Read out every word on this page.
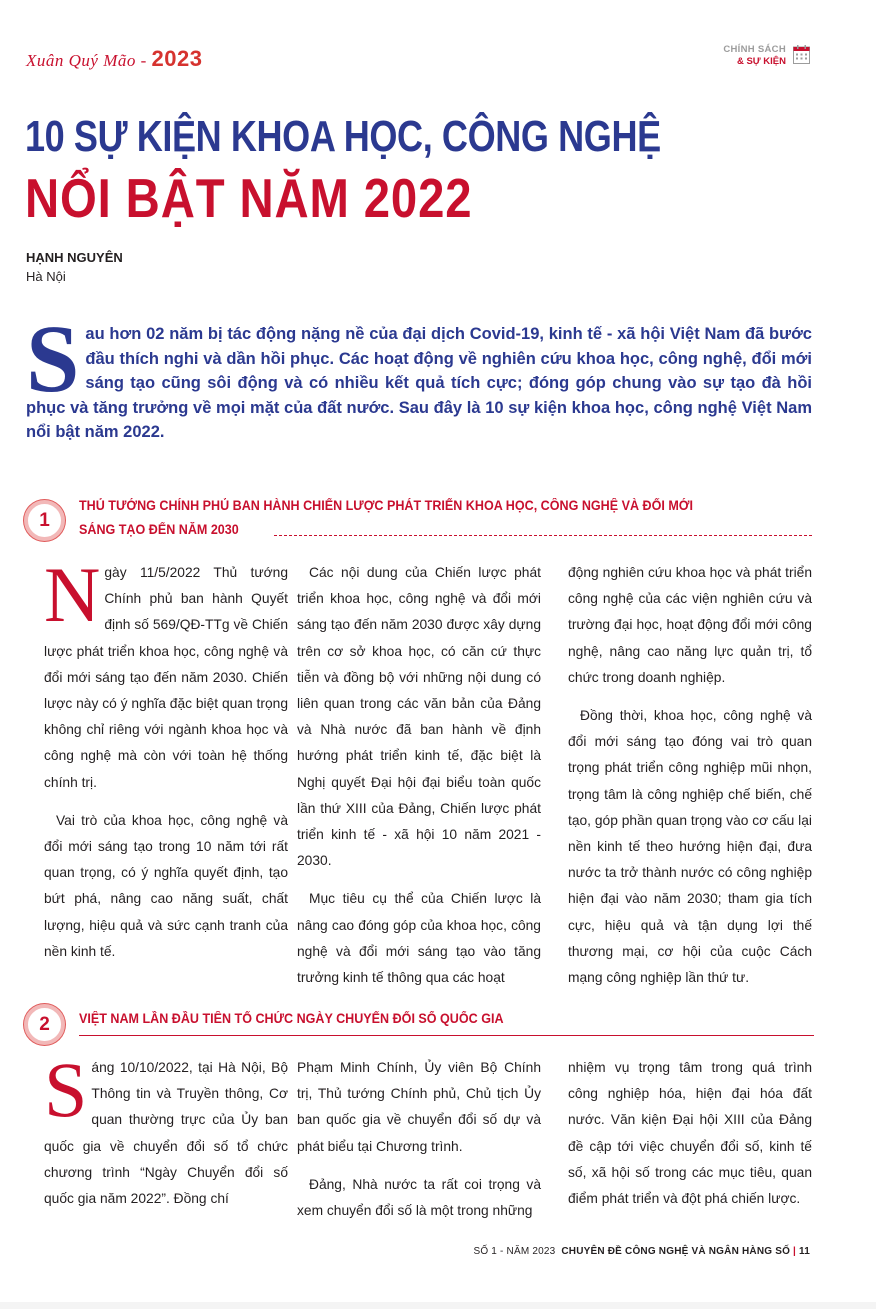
Xuân Quý Mão - 2023	CHÍNH SÁCH
& SỰ KIỆN
10 SỰ KIỆN KHOA HỌC, CÔNG NGHỆ
NỔI BẬT NĂM 2022
HẠNH NGUYÊN
Hà Nội
Sau hơn 02 năm bị tác động nặng nề của đại dịch Covid-19, kinh tế - xã hội Việt Nam đã bước đầu thích nghi và dần hồi phục. Các hoạt động về nghiên cứu khoa học, công nghệ, đổi mới sáng tạo cũng sôi động và có nhiều kết quả tích cực; đóng góp chung vào sự tạo đà hồi phục và tăng trưởng về mọi mặt của đất nước. Sau đây là 10 sự kiện khoa học, công nghệ Việt Nam nổi bật năm 2022.
1
THỦ TƯỚNG CHÍNH PHỦ BAN HÀNH CHIẾN LƯỢC PHÁT TRIỂN KHOA HỌC, CÔNG NGHỆ VÀ ĐỔI MỚI
SÁNG TẠO ĐẾN NĂM 2030

Ngày 11/5/2022 Thủ tướng Chính phủ ban hành Quyết định số 569/QĐ-TTg về Chiến lược phát triển khoa học, công nghệ và đổi mới sáng tạo đến năm 2030. Chiến lược này có ý nghĩa đặc biệt quan trọng không chỉ riêng với ngành khoa học và công nghệ mà còn với toàn hệ thống chính trị.

Vai trò của khoa học, công nghệ và đổi mới sáng tạo trong 10 năm tới rất quan trọng, có ý nghĩa quyết định, tạo bứt phá, nâng cao năng suất, chất lượng, hiệu quả và sức cạnh tranh của nền kinh tế.

Các nội dung của Chiến lược phát triển khoa học, công nghệ và đổi mới sáng tạo đến năm 2030 được xây dựng trên cơ sở khoa học, có căn cứ thực tiễn và đồng bộ với những nội dung có liên quan trong các văn bản của Đảng và Nhà nước đã ban hành về định hướng phát triển kinh tế, đặc biệt là Nghị quyết Đại hội đại biểu toàn quốc lần thứ XIII của Đảng, Chiến lược phát triển kinh tế - xã hội 10 năm 2021 - 2030.

Mục tiêu cụ thể của Chiến lược là nâng cao đóng góp của khoa học, công nghệ và đổi mới sáng tạo vào tăng trưởng kinh tế thông qua các hoạt

động nghiên cứu khoa học và phát triển công nghệ của các viện nghiên cứu và trường đại học, hoạt động đổi mới công nghệ, nâng cao năng lực quản trị, tổ chức trong doanh nghiệp.

Đồng thời, khoa học, công nghệ và đổi mới sáng tạo đóng vai trò quan trọng phát triển công nghiệp mũi nhọn, trọng tâm là công nghiệp chế biến, chế tạo, góp phần quan trọng vào cơ cấu lại nền kinh tế theo hướng hiện đại, đưa nước ta trở thành nước có công nghiệp hiện đại vào năm 2030; tham gia tích cực, hiệu quả và tận dụng lợi thế thương mại, cơ hội của cuộc Cách mạng công nghiệp lần thứ tư.

2	VIỆT NAM LẦN ĐẦU TIÊN TỔ CHỨC NGÀY CHUYỂN ĐỔI SỐ QUỐC GIA

Sáng 10/10/2022, tại Hà Nội, Bộ Thông tin và Truyền thông, Cơ quan thường trực của Ủy ban quốc gia về chuyển đổi số tổ chức chương trình “Ngày Chuyển đổi số quốc gia năm 2022”. Đồng chí

Phạm Minh Chính, Ủy viên Bộ Chính trị, Thủ tướng Chính phủ, Chủ tịch Ủy ban quốc gia về chuyển đổi số dự và phát biểu tại Chương trình.

Đảng, Nhà nước ta rất coi trọng và xem chuyển đổi số là một trong những

nhiệm vụ trọng tâm trong quá trình công nghiệp hóa, hiện đại hóa đất nước. Văn kiện Đại hội XIII của Đảng đề cập tới việc chuyển đổi số, kinh tế số, xã hội số trong các mục tiêu, quan điểm phát triển và đột phá chiến lược.

SỐ 1 - NĂM 2023 CHUYÊN ĐỀ CÔNG NGHỆ VÀ NGÂN HÀNG SỐ | 11
